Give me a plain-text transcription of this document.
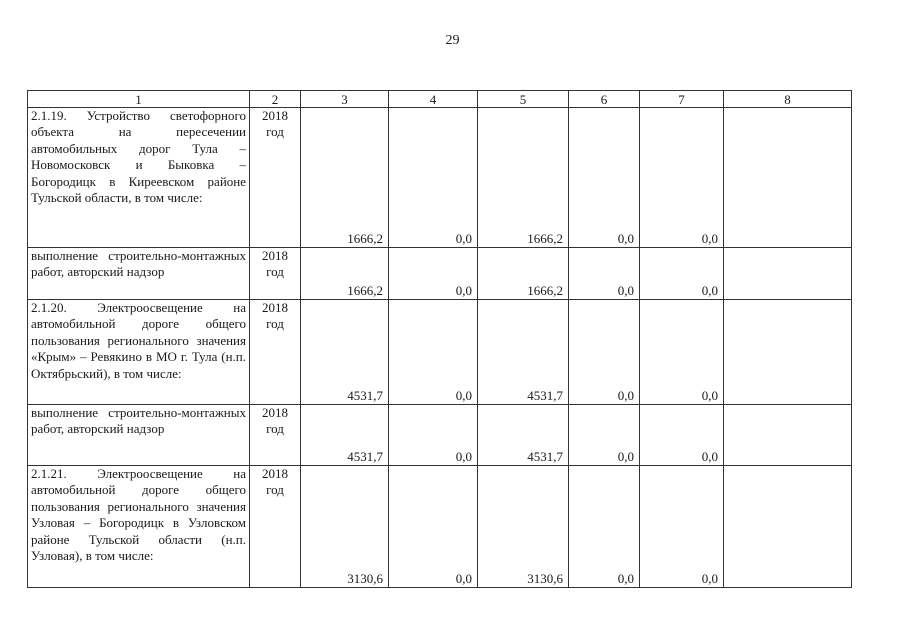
29
1	2	3	4	5	6	7	8
2.1.19. Устройство светофорного объекта на пересечении автомобильных дорог Тула – Новомосковск и Быковка – Богородицк в Киреевском районе Тульской области, в том числе:	2018 год	1666,2	0,0	1666,2	0,0	0,0	
выполнение строительно-монтажных работ, авторский надзор	2018 год	1666,2	0,0	1666,2	0,0	0,0	
2.1.20. Электроосвещение на автомобильной дороге общего пользования регионального значения «Крым» – Ревякино в МО г. Тула (н.п. Октябрьский), в том числе:	2018 год	4531,7	0,0	4531,7	0,0	0,0	
выполнение строительно-монтажных работ, авторский надзор	2018 год	4531,7	0,0	4531,7	0,0	0,0	
2.1.21. Электроосвещение на автомобильной дороге общего пользования регионального значения Узловая – Богородицк в Узловском районе Тульской области (н.п. Узловая), в том числе:	2018 год	3130,6	0,0	3130,6	0,0	0,0	
